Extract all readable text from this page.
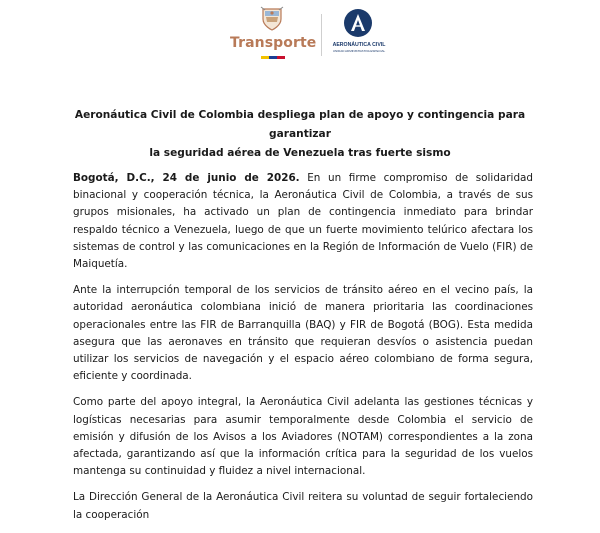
Transporte	AERONÁUTICA CIVIL
UNIDAD ADMINISTRATIVA ESPECIAL
Aeronáutica Civil de Colombia despliega plan de apoyo y contingencia para garantizar
la seguridad aérea de Venezuela tras fuerte sismo

Bogotá, D.C., 24 de junio de 2026. En un firme compromiso de solidaridad binacional y cooperación técnica, la Aeronáutica Civil de Colombia, a través de sus grupos misionales, ha activado un plan de contingencia inmediato para brindar respaldo técnico a Venezuela, luego de que un fuerte movimiento telúrico afectara los sistemas de control y las comunicaciones en la Región de Información de Vuelo (FIR) de Maiquetía.

Ante la interrupción temporal de los servicios de tránsito aéreo en el vecino país, la autoridad aeronáutica colombiana inició de manera prioritaria las coordinaciones operacionales entre las FIR de Barranquilla (BAQ) y FIR de Bogotá (BOG). Esta medida asegura que las aeronaves en tránsito que requieran desvíos o asistencia puedan utilizar los servicios de navegación y el espacio aéreo colombiano de forma segura, eficiente y coordinada.

Como parte del apoyo integral, la Aeronáutica Civil adelanta las gestiones técnicas y logísticas necesarias para asumir temporalmente desde Colombia el servicio de emisión y difusión de los Avisos a los Aviadores (NOTAM) correspondientes a la zona afectada, garantizando así que la información crítica para la seguridad de los vuelos mantenga su continuidad y fluidez a nivel internacional.

La Dirección General de la Aeronáutica Civil reitera su voluntad de seguir fortaleciendo la cooperación
